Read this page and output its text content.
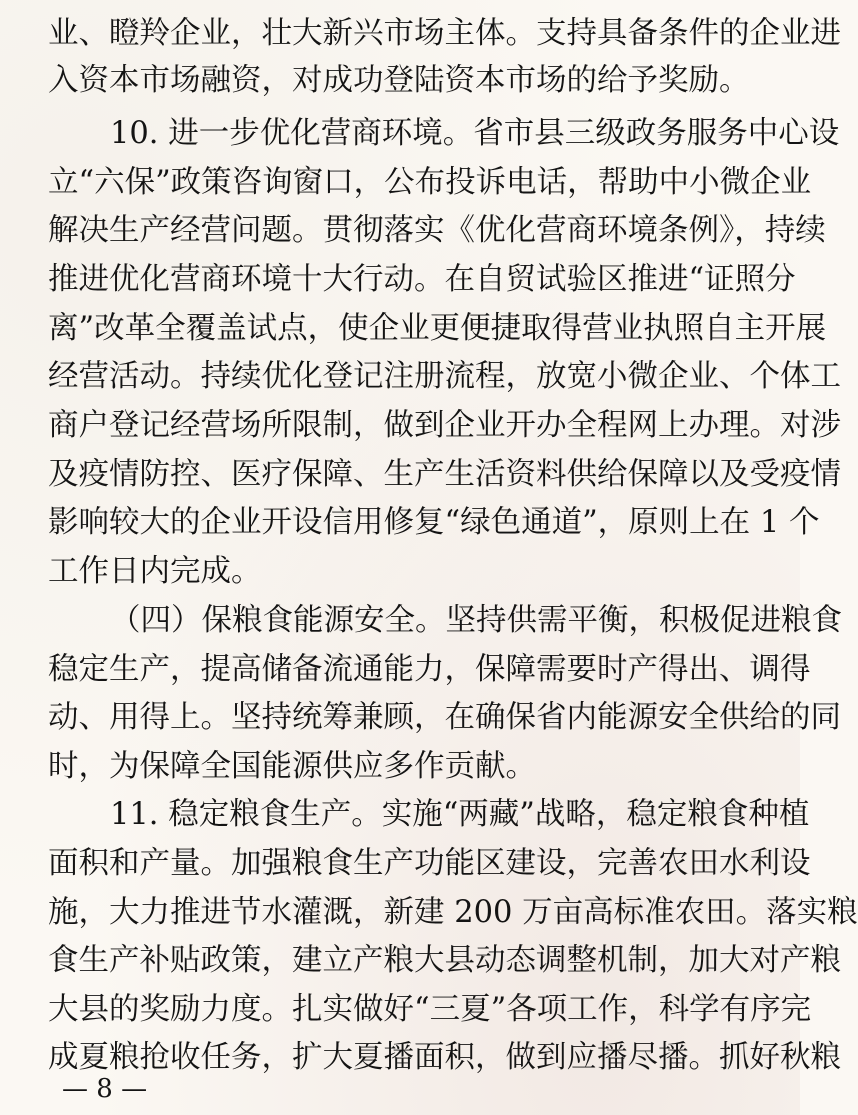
业、瞪羚企业，壮大新兴市场主体。支持具备条件的企业进
入资本市场融资，对成功登陆资本市场的给予奖励。
10. 进一步优化营商环境。省市县三级政务服务中心设
立“六保”政策咨询窗口，公布投诉电话，帮助中小微企业
解决生产经营问题。贯彻落实《优化营商环境条例》，持续
推进优化营商环境十大行动。在自贸试验区推进“证照分
离”改革全覆盖试点，使企业更便捷取得营业执照自主开展
经营活动。持续优化登记注册流程，放宽小微企业、个体工
商户登记经营场所限制，做到企业开办全程网上办理。对涉
及疫情防控、医疗保障、生产生活资料供给保障以及受疫情
影响较大的企业开设信用修复“绿色通道”，原则上在 1 个
工作日内完成。
（四）保粮食能源安全。坚持供需平衡，积极促进粮食
稳定生产，提高储备流通能力，保障需要时产得出、调得
动、用得上。坚持统筹兼顾，在确保省内能源安全供给的同
时，为保障全国能源供应多作贡献。
11. 稳定粮食生产。实施“两藏”战略，稳定粮食种植
面积和产量。加强粮食生产功能区建设，完善农田水利设
施，大力推进节水灌溉，新建 200 万亩高标准农田。落实粮
食生产补贴政策，建立产粮大县动态调整机制，加大对产粮
大县的奖励力度。扎实做好“三夏”各项工作，科学有序完
成夏粮抢收任务，扩大夏播面积，做到应播尽播。抓好秋粮
— 8 —
